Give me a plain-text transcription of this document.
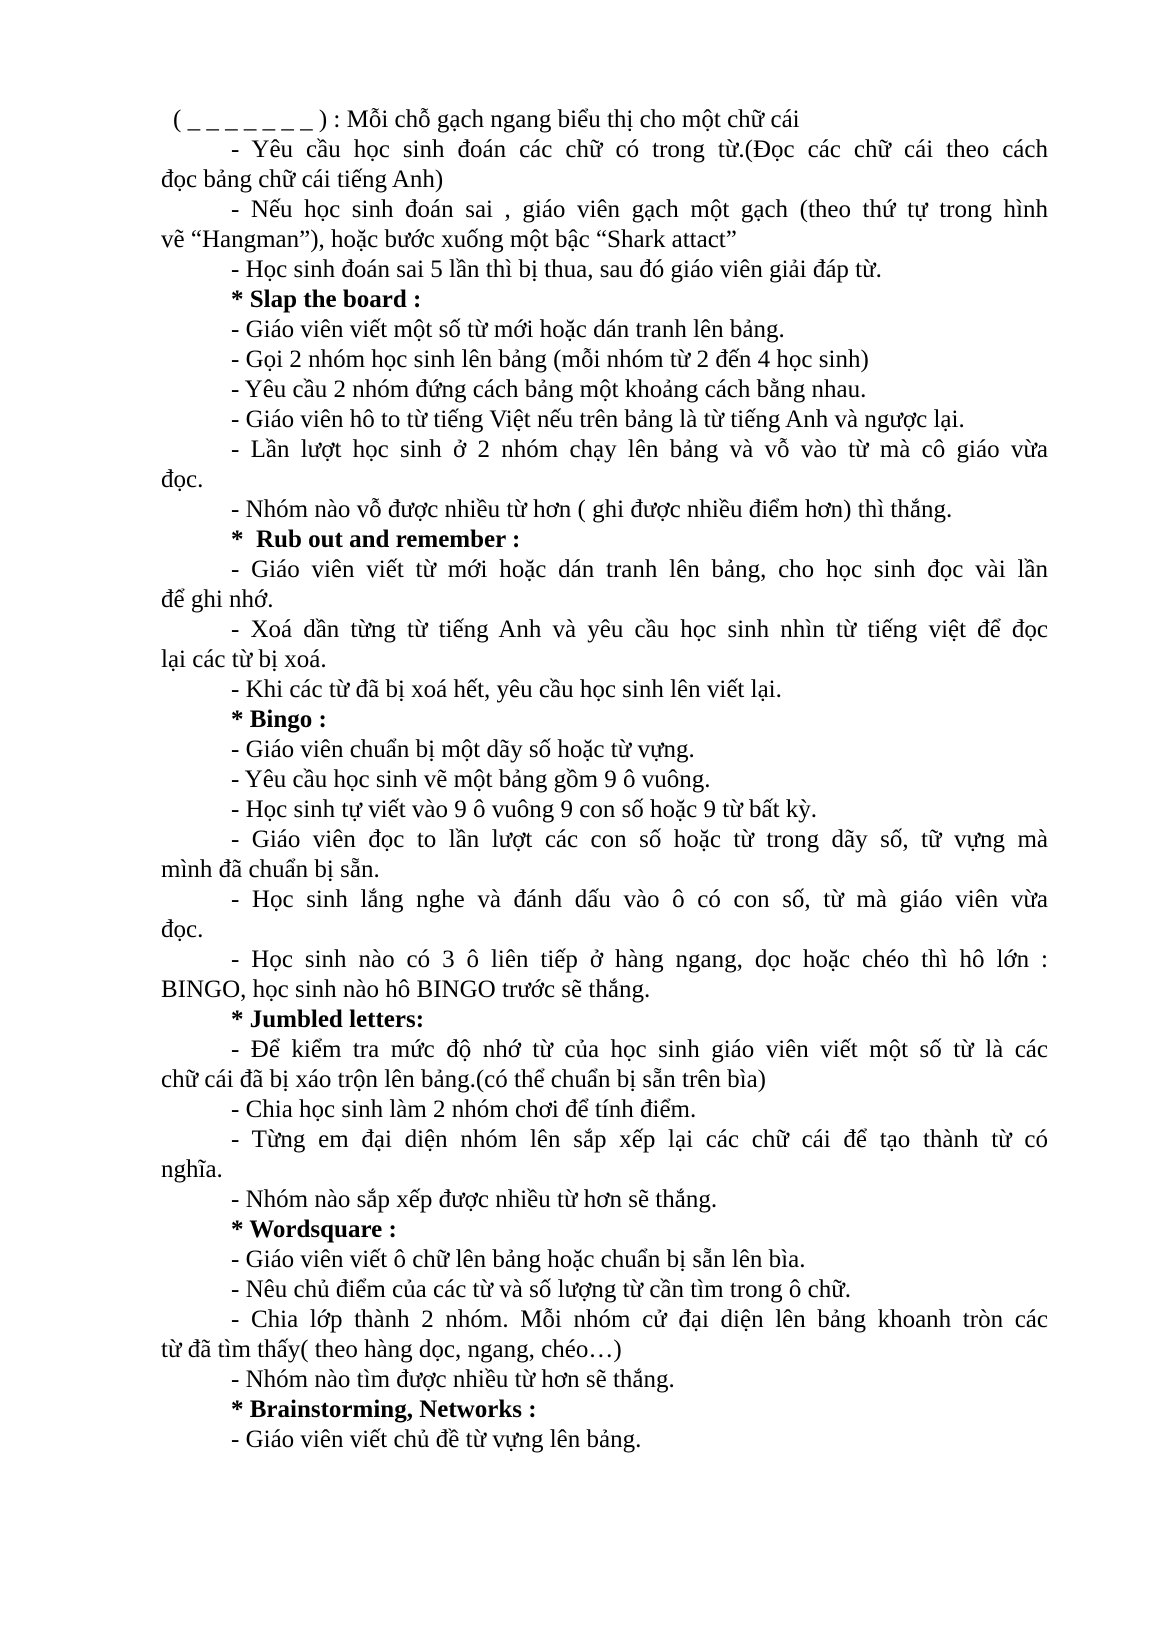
( _ _ _ _ _ _ _ ) : Mỗi chỗ gạch ngang biểu thị cho một chữ cái

- Yêu cầu học sinh đoán các chữ có trong từ.(Đọc các chữ cái theo cách

đọc bảng chữ cái tiếng Anh)

- Nếu học sinh đoán sai , giáo viên gạch một gạch (theo thứ tự trong hình

vẽ “Hangman”), hoặc bước xuống một bậc “Shark attact”

- Học sinh đoán sai 5 lần thì bị thua, sau đó giáo viên giải đáp từ.

* Slap the board :

- Giáo viên viết một số từ mới hoặc dán tranh lên bảng.

- Gọi 2 nhóm học sinh lên bảng (mỗi nhóm từ 2 đến 4 học sinh)

- Yêu cầu 2 nhóm đứng cách bảng một khoảng cách bằng nhau.

- Giáo viên hô to từ tiếng Việt nếu trên bảng là từ tiếng Anh và ngược lại.

- Lần lượt học sinh ở 2 nhóm chạy lên bảng và vỗ vào từ mà cô giáo vừa

đọc.

- Nhóm nào vỗ được nhiều từ hơn ( ghi được nhiều điểm hơn) thì thắng.

*  Rub out and remember :

- Giáo viên viết từ mới hoặc dán tranh lên bảng, cho học sinh đọc vài lần

để ghi nhớ.

- Xoá dần từng từ tiếng Anh và yêu cầu học sinh nhìn từ tiếng việt để đọc

lại các từ bị xoá.

- Khi các từ đã bị xoá hết, yêu cầu học sinh lên viết lại.

* Bingo :

- Giáo viên chuẩn bị một dãy số hoặc từ vựng.

- Yêu cầu học sinh vẽ một bảng gồm 9 ô vuông.

- Học sinh tự viết vào 9 ô vuông 9 con số hoặc 9 từ bất kỳ.

- Giáo viên đọc to lần lượt các con số hoặc từ trong dãy số, tữ vựng mà

mình đã chuẩn bị sẵn.

- Học sinh lắng nghe và đánh dấu vào ô có con số, từ mà giáo viên vừa

đọc.

- Học sinh nào có 3 ô liên tiếp ở hàng ngang, dọc hoặc chéo thì hô lớn :

BINGO, học sinh nào hô BINGO trước sẽ thắng.

* Jumbled letters:

- Để kiểm tra mức độ nhớ từ của học sinh giáo viên viết một số từ là các

chữ cái đã bị xáo trộn lên bảng.(có thể chuẩn bị sẵn trên bìa)

- Chia học sinh làm 2 nhóm chơi để tính điểm.

- Từng em đại diện nhóm lên sắp xếp lại các chữ cái để tạo thành từ có

nghĩa.

- Nhóm nào sắp xếp được nhiều từ hơn sẽ thắng.

* Wordsquare :

- Giáo viên viết ô chữ lên bảng hoặc chuẩn bị sẵn lên bìa.

- Nêu chủ điểm của các từ và số lượng từ cần tìm trong ô chữ.

- Chia lớp thành 2 nhóm. Mỗi nhóm cử đại diện lên bảng khoanh tròn các

từ đã tìm thấy( theo hàng dọc, ngang, chéo…)

- Nhóm nào tìm được nhiều từ hơn sẽ thắng.

* Brainstorming, Networks :

- Giáo viên viết chủ đề từ vựng lên bảng.
